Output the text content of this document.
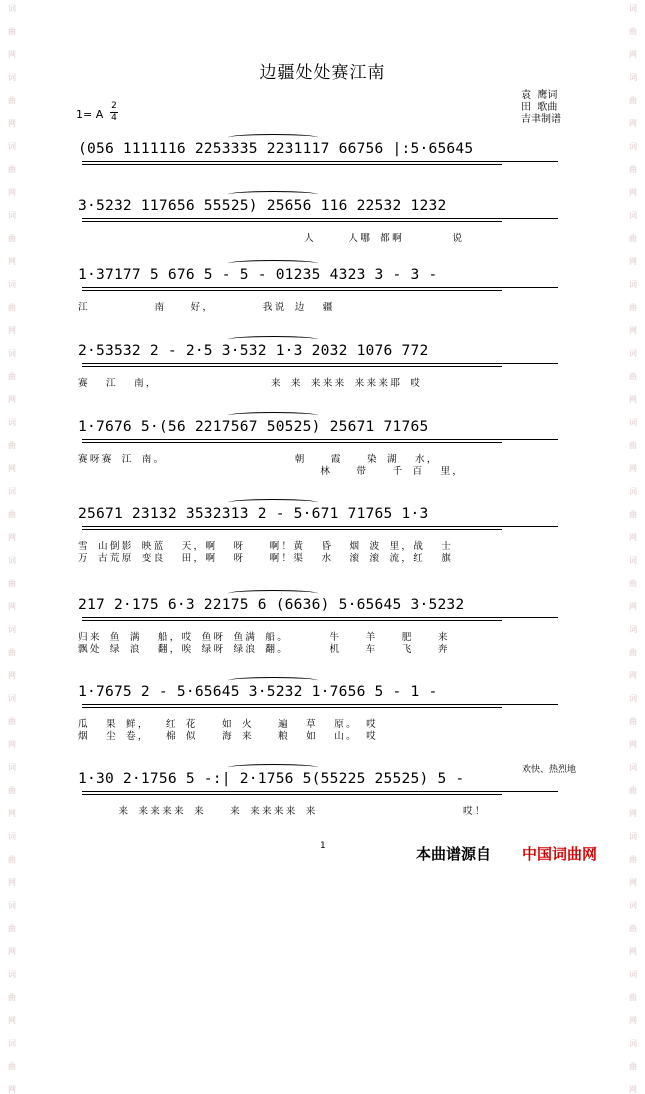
词
曲
网
词
曲
网
词
曲
网
词
曲
网
词
曲
网
词
曲
网
词
曲
网
词
曲
网
词
曲
网
词
曲
网
词
曲
网
词
曲
网
词
曲
网
词
曲
网
词
曲
网
词
曲
网
词
曲
网
词
曲
网
词
曲
网
词
曲
网
词
曲
网
词
曲
网
词
曲
网
词
曲
网
词
曲
网
词
曲
网
词
曲
网
词
曲
网
词
曲
网
词
曲
网
词
曲
网
词
曲
网
边疆处处赛江南
袁  鹰词
田  歌曲
吉聿制谱
1= A
2
4
(056 1111116 2253335 2231117 66756 |:5·65645
3·5232 117656 55525) 25656 116 22532 1232
人    人哪 都啊      说
1·37177 5 676 5 - 5 - 01235 4323 3 - 3 -
江        南   好，      我说 边  疆
2·53532 2 - 2·5 3·532 1·3 2032 1076 772
赛  江  南，              来 来 来来来 来来来耶 哎
1·7676 5·(56 2217567 50525) 25671 71765
赛呀赛 江 南。                朝   霞   染 湖  水，
林   带   千 百  里，
25671 23132 3532313 2 - 5·671 71765 1·3
雪 山倒影 映蓝  天，啊  呀   啊！黄  昏  烟 波 里，战  士
万 古荒原 变良  田，啊  呀   啊！渠  水  滚 滚 流，红  旗
217 2·175 6·3 22175 6 (6636) 5·65645 3·5232
归来 鱼 满  船，哎 鱼呀 鱼满 船。     牛   羊   肥   来
飘处 绿 浪  翻，唉 绿呀 绿浪 翻。     机   车   飞   奔
1·7675 2 - 5·65645 3·5232 1·7656 5 - 1 -
瓜  果 鲜，  红 花   如 火   遍  草  原。 哎
烟  尘 卷，  棉 似   海 来   粮  如  山。 哎
1·30 2·1756 5 -:| 2·1756 5(55225 25525) 5 -
来 来来来来 来   来 来来来来 来                  哎！
欢快、热烈地
1	本曲谱源自 中国词曲网
